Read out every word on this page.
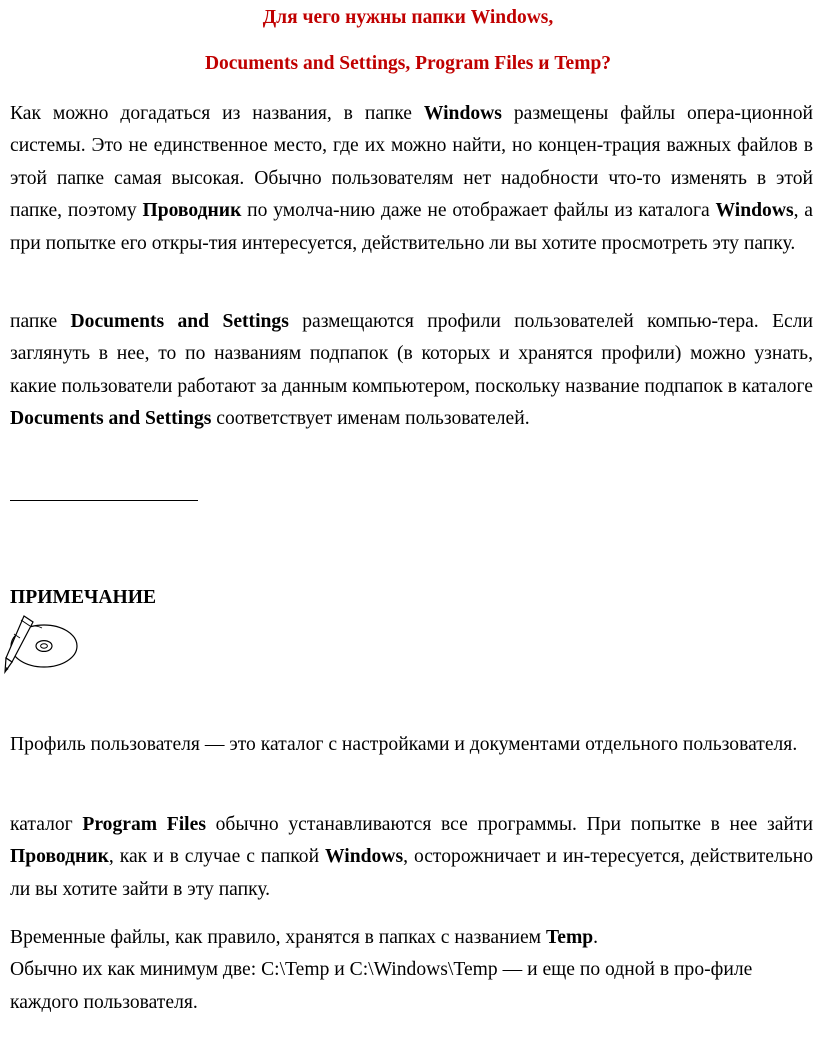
Для чего нужны папки Windows,
Documents and Settings, Program Files и Temp?

Как можно догадаться из названия, в папке Windows размещены файлы опера-ционной системы. Это не единственное место, где их можно найти, но концен-трация важных файлов в этой папке самая высокая. Обычно пользователям нет надобности что-то изменять в этой папке, поэтому Проводник по умолча-нию даже не отображает файлы из каталога Windows, а при попытке его откры-тия интересуется, действительно ли вы хотите просмотреть эту папку.

папке Documents and Settings размещаются профили пользователей компью-тера. Если заглянуть в нее, то по названиям подпапок (в которых и хранятся профили) можно узнать, какие пользователи работают за данным компьютером, поскольку название подпапок в каталоге Documents and Settings соответствует именам пользователей.

ПРИМЕЧАНИЕ

Профиль пользователя — это каталог с настройками и документами отдельного пользователя.

каталог Program Files обычно устанавливаются все программы. При попытке в нее зайти Проводник, как и в случае с папкой Windows, осторожничает и ин-тересуется, действительно ли вы хотите зайти в эту папку.

Временные файлы, как правило, хранятся в папках с названием Temp.
Обычно их как минимум две: C:\Temp и C:\Windows\Temp — и еще по одной в про-филе каждого пользователя.
